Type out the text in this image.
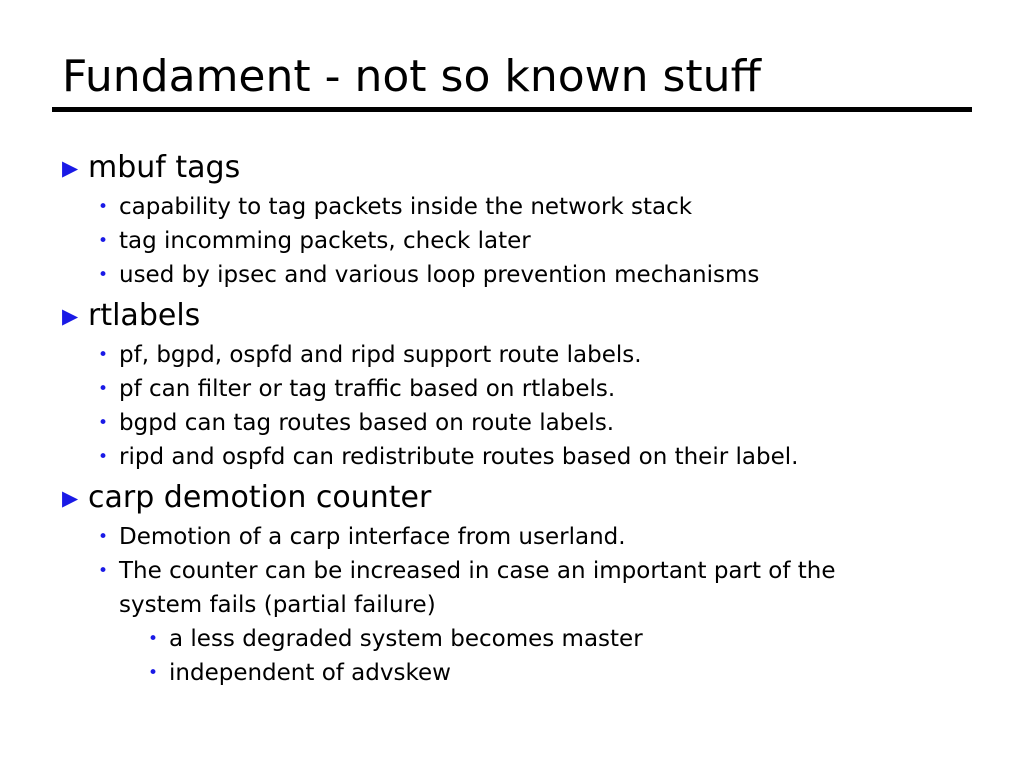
Fundament - not so known stuff
▶ mbuf tags
• capability to tag packets inside the network stack
• tag incomming packets, check later
• used by ipsec and various loop prevention mechanisms
▶ rtlabels
• pf, bgpd, ospfd and ripd support route labels.
• pf can filter or tag traffic based on rtlabels.
• bgpd can tag routes based on route labels.
• ripd and ospfd can redistribute routes based on their label.
▶ carp demotion counter
• Demotion of a carp interface from userland.
• The counter can be increased in case an important part of the system fails (partial failure)
• a less degraded system becomes master
• independent of advskew
